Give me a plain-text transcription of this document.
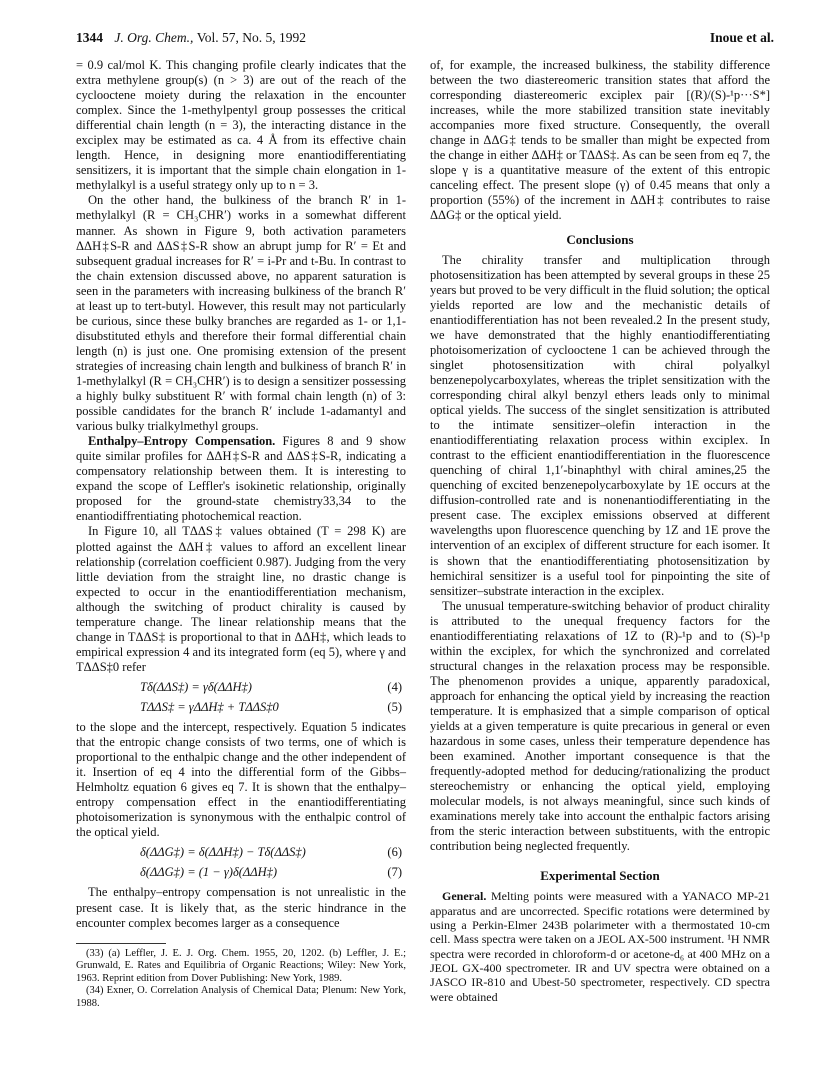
1344 J. Org. Chem., Vol. 57, No. 5, 1992	Inoue et al.

= 0.9 cal/mol K. This changing profile clearly indicates that the extra methylene group(s) (n > 3) are out of the reach of the cyclooctene moiety during the relaxation in the encounter complex. Since the 1-methylpentyl group possesses the critical differential chain length (n = 3), the interacting distance in the exciplex may be estimated as ca. 4 Å from its effective chain length. Hence, in designing more enantiodifferentiating sensitizers, it is important that the simple chain elongation in 1-methylalkyl is a useful strategy only up to n = 3.

On the other hand, the bulkiness of the branch R′ in 1-methylalkyl (R = CH₃CHR′) works in a somewhat different manner. As shown in Figure 9, both activation parameters ΔΔH‡S-R and ΔΔS‡S-R show an abrupt jump for R′ = Et and subsequent gradual increases for R′ = i-Pr and t-Bu. In contrast to the chain extension discussed above, no apparent saturation is seen in the parameters with increasing bulkiness of the branch R′ at least up to tert-butyl. However, this result may not particularly be curious, since these bulky branches are regarded as 1- or 1,1-disubstituted ethyls and therefore their formal differential chain length (n) is just one. One promising extension of the present strategies of increasing chain length and bulkiness of branch R′ in 1-methylalkyl (R = CH₃CHR′) is to design a sensitizer possessing a highly bulky substituent R′ with formal chain length (n) of 3: possible candidates for the branch R′ include 1-adamantyl and various bulky trialkylmethyl groups.

Enthalpy–Entropy Compensation. Figures 8 and 9 show quite similar profiles for ΔΔH‡S-R and ΔΔS‡S-R, indicating a compensatory relationship between them. It is interesting to expand the scope of Leffler's isokinetic relationship, originally proposed for the ground-state chemistry33,34 to the enantiodiffrentiating photochemical reaction.

In Figure 10, all TΔΔS‡ values obtained (T = 298 K) are plotted against the ΔΔH‡ values to afford an excellent linear relationship (correlation coefficient 0.987). Judging from the very little deviation from the straight line, no drastic change is expected to occur in the enantiodifferentiation mechanism, although the switching of product chirality is caused by temperature change. The linear relationship means that the change in TΔΔS‡ is proportional to that in ΔΔH‡, which leads to empirical expression 4 and its integrated form (eq 5), where γ and TΔΔS‡0 refer

Tδ(ΔΔS‡) = γδ(ΔΔH‡)	(4)
TΔΔS‡ = γΔΔH‡ + TΔΔS‡0	(5)

to the slope and the intercept, respectively. Equation 5 indicates that the entropic change consists of two terms, one of which is proportional to the enthalpic change and the other independent of it. Insertion of eq 4 into the differential form of the Gibbs–Helmholtz equation 6 gives eq 7. It is shown that the enthalpy–entropy compensation effect in the enantiodifferentiating photoisomerization is synonymous with the enthalpic control of the optical yield.

δ(ΔΔG‡) = δ(ΔΔH‡) − Tδ(ΔΔS‡)	(6)
δ(ΔΔG‡) = (1 − γ)δ(ΔΔH‡)	(7)

The enthalpy–entropy compensation is not unrealistic in the present case. It is likely that, as the steric hindrance in the encounter complex becomes larger as a consequence

(33) (a) Leffler, J. E. J. Org. Chem. 1955, 20, 1202. (b) Leffler, J. E.; Grunwald, E. Rates and Equilibria of Organic Reactions; Wiley: New York, 1963. Reprint edition from Dover Publishing: New York, 1989.

(34) Exner, O. Correlation Analysis of Chemical Data; Plenum: New York, 1988.

of, for example, the increased bulkiness, the stability difference between the two diastereomeric transition states that afford the corresponding diastereomeric exciplex pair [(R)/(S)-¹p···S*] increases, while the more stabilized transition state inevitably accompanies more fixed structure. Consequently, the overall change in ΔΔG‡ tends to be smaller than might be expected from the change in either ΔΔH‡ or TΔΔS‡. As can be seen from eq 7, the slope γ is a quantitative measure of the extent of this entropic canceling effect. The present slope (γ) of 0.45 means that only a proportion (55%) of the increment in ΔΔH‡ contributes to raise ΔΔG‡ or the optical yield.

Conclusions

The chirality transfer and multiplication through photosensitization has been attempted by several groups in these 25 years but proved to be very difficult in the fluid solution; the optical yields reported are low and the mechanistic details of enantiodifferentiation has not been revealed.2 In the present study, we have demonstrated that the highly enantiodifferentiating photoisomerization of cyclooctene 1 can be achieved through the singlet photosensitization with chiral polyalkyl benzenepolycarboxylates, whereas the triplet sensitization with the corresponding chiral alkyl benzyl ethers leads only to minimal optical yields. The success of the singlet sensitization is attributed to the intimate sensitizer–olefin interaction in the enantiodifferentiating relaxation process within exciplex. In contrast to the efficient enantiodifferentiation in the fluorescence quenching of chiral 1,1′-binaphthyl with chiral amines,25 the quenching of excited benzenepolycarboxylate by 1E occurs at the diffusion-controlled rate and is nonenantiodifferentiating in the present case. The exciplex emissions observed at different wavelengths upon fluorescence quenching by 1Z and 1E prove the intervention of an exciplex of different structure for each isomer. It is shown that the enantiodifferentiating photosensitization by hemichiral sensitizer is a useful tool for pinpointing the site of sensitizer–substrate interaction in the exciplex.

The unusual temperature-switching behavior of product chirality is attributed to the unequal frequency factors for the enantiodifferentiating relaxations of 1Z to (R)-¹p and to (S)-¹p within the exciplex, for which the synchronized and correlated structural changes in the relaxation process may be responsible. The phenomenon provides a unique, apparently paradoxical, approach for enhancing the optical yield by increasing the reaction temperature. It is emphasized that a simple comparison of optical yields at a given temperature is quite precarious in general or even hazardous in some cases, unless their temperature dependence has been examined. Another important consequence is that the frequently-adopted method for deducing/rationalizing the product stereochemistry or enhancing the optical yield, employing molecular models, is not always meaningful, since such kinds of examinations merely take into account the enthalpic factors arising from the steric interaction between substituents, with the entropic contribution being neglected frequently.

Experimental Section

General. Melting points were measured with a YANACO MP-21 apparatus and are uncorrected. Specific rotations were determined by using a Perkin-Elmer 243B polarimeter with a thermostated 10-cm cell. Mass spectra were taken on a JEOL AX-500 instrument. ¹H NMR spectra were recorded in chloroform-d or acetone-d₆ at 400 MHz on a JEOL GX-400 spectrometer. IR and UV spectra were obtained on a JASCO IR-810 and Ubest-50 spectrometer, respectively. CD spectra were obtained
